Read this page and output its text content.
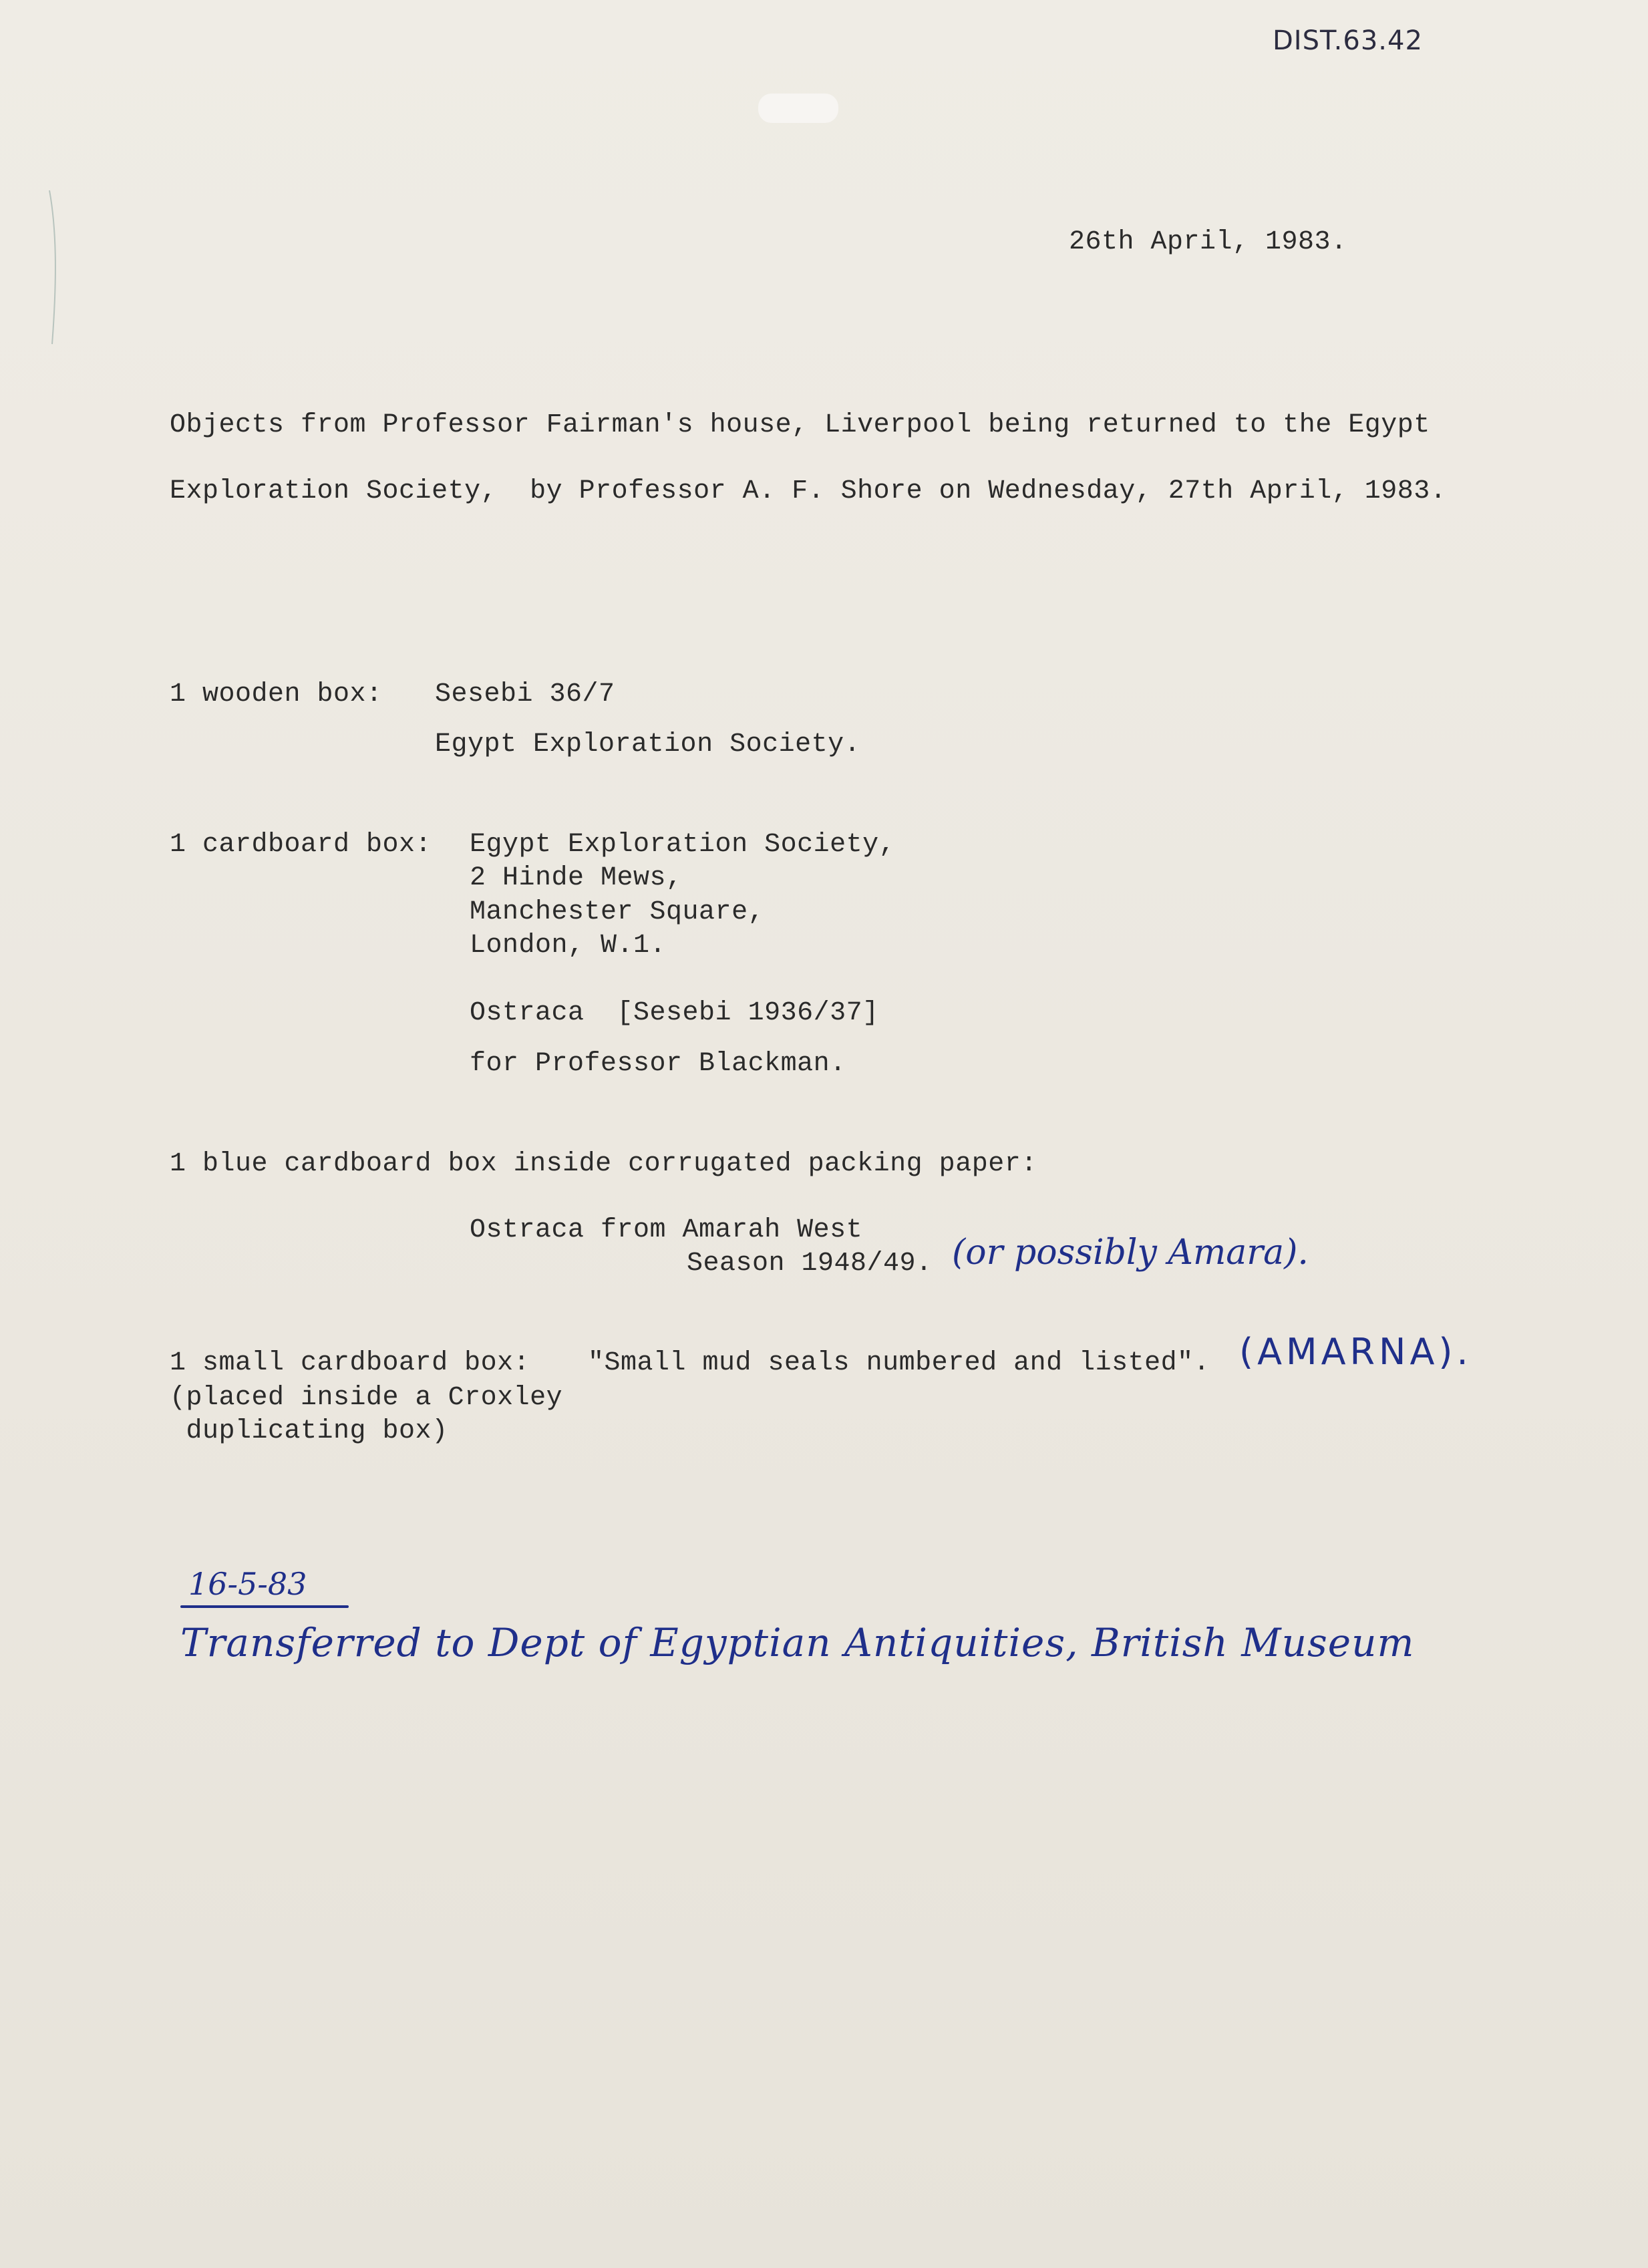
DIST.63.42
26th April, 1983.
Objects from Professor Fairman's house, Liverpool being returned to the Egypt
Exploration Society,  by Professor A. F. Shore on Wednesday, 27th April, 1983.
1 wooden box: Sesebi 36/7
Egypt Exploration Society.
1 cardboard box: Egypt Exploration Society,
2 Hinde Mews,
Manchester Square,
London, W.1.
Ostraca  [Sesebi 1936/37]
for Professor Blackman.
1 blue cardboard box inside corrugated packing paper:
Ostraca from Amarah West
Season 1948/49. (or possibly Amara).
1 small cardboard box: "Small mud seals numbered and listed".
(placed inside a Croxley
duplicating box)
(AMARNA).
16-5-83
Transferred to Dept of Egyptian Antiquities, British Museum
